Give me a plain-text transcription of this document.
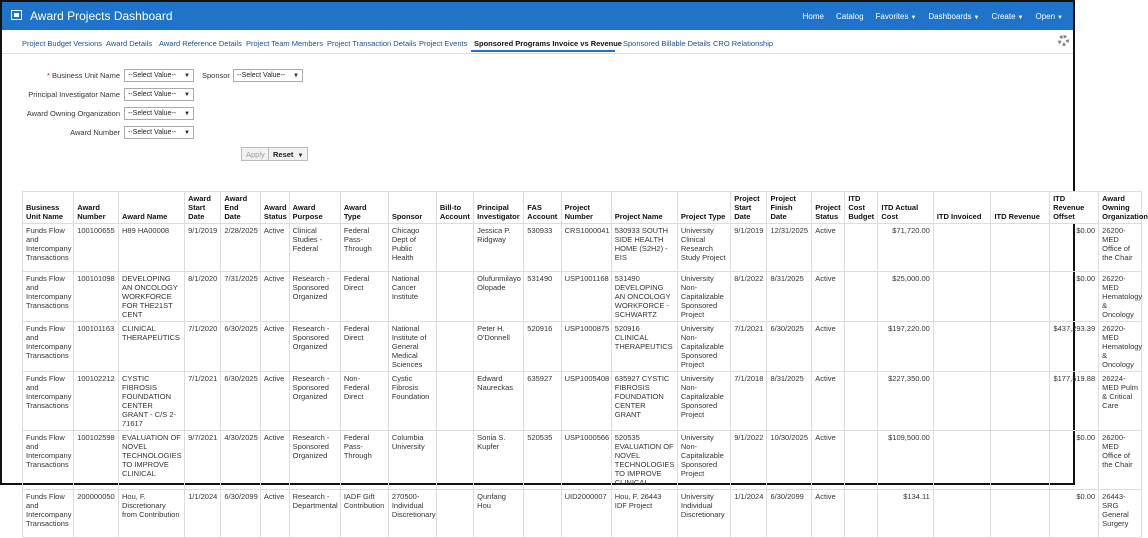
Award Projects Dashboard	Home Catalog Favorites ▼ Dashboards ▼ Create ▼ Open ▼
Project Budget Versions Award Details Award Reference Details Project Team Members Project Transaction Details Project Events Sponsored Programs Invoice vs Revenue Sponsored Billable Details CRO Relationship
* Business Unit Name	--Select Value-- ▼ Sponsor	--Select Value-- ▼
Principal Investigator Name	--Select Value-- ▼
Award Owning Organization	--Select Value-- ▼
Award Number	--Select Value-- ▼
Apply	Reset ▼
Business Unit Name	Award Number	Award Name	Award Start Date	Award End Date	Award Status	Award Purpose	Award Type	Sponsor	Bill-to Account	Principal Investigator	FAS Account	Project Number	Project Name	Project Type	Project Start Date	Project Finish Date	Project Status	ITD Cost Budget	ITD Actual Cost	ITD Invoiced	ITD Revenue	ITD Revenue Offset	Award Owning Organization
Funds Flow and Intercompany Transactions	100100655	H89 HA00008	9/1/2019	2/28/2025	Active	Clinical Studies - Federal	Federal Pass-Through	Chicago Dept of Public Health		Jessica P. Ridgway	530933	CRS1000041	530933 SOUTH SIDE HEALTH HOME (S2H2) - EIS	University Clinical Research Study Project	9/1/2019	12/31/2025	Active		$71,720.00			$0.00	26200-MED Office of the Chair
Funds Flow and Intercompany Transactions	100101098	DEVELOPING AN ONCOLOGY WORKFORCE FOR THE21ST CENT	8/1/2020	7/31/2025	Active	Research - Sponsored Organized	Federal Direct	National Cancer Institute		Olufunmilayo Olopade	531490	USP1001168	531490 DEVELOPING AN ONCOLOGY WORKFORCE - SCHWARTZ	University Non-Capitalizable Sponsored Project	8/1/2022	8/31/2025	Active		$25,000.00			$0.00	26220-MED Hematology & Oncology
Funds Flow and Intercompany Transactions	100101163	CLINICAL THERAPEUTICS	7/1/2020	6/30/2025	Active	Research - Sponsored Organized	Federal Direct	National Institute of General Medical Sciences		Peter H. O'Donnell	520916	USP1000875	520916 CLINICAL THERAPEUTICS	University Non-Capitalizable Sponsored Project	7/1/2021	6/30/2025	Active		$197,220.00			$437,293.39	26220-MED Hematology & Oncology
Funds Flow and Intercompany Transactions	100102212	CYSTIC FIBROSIS FOUNDATION CENTER GRANT - C/S 2-71617	7/1/2021	6/30/2025	Active	Research - Sponsored Organized	Non-Federal Direct	Cystic Fibrosis Foundation		Edward Naureckas	635927	USP1005408	635927 CYSTIC FIBROSIS FOUNDATION CENTER GRANT	University Non-Capitalizable Sponsored Project	7/1/2018	8/31/2025	Active		$227,350.00			$177,519.88	26224-MED Pulm & Critical Care
Funds Flow and Intercompany Transactions	100102598	EVALUATION OF NOVEL TECHNOLOGIES TO IMPROVE CLINICAL	9/7/2021	4/30/2025	Active	Research - Sponsored Organized	Federal Pass-Through	Columbia University		Sonia S. Kupfer	520535	USP1000566	520535 EVALUATION OF NOVEL TECHNOLOGIES TO IMPROVE CLINICAL	University Non-Capitalizable Sponsored Project	9/1/2022	10/30/2025	Active		$109,500.00			$0.00	26200-MED Office of the Chair
Funds Flow and Intercompany Transactions	200000050	Hou, F. Discretionary from Contribution	1/1/2024	6/30/2099	Active	Research - Departmental	IADF Gift Contribution	270500-Individual Discretionary		Qunfang Hou		UID2000007	Hou, F. 26443 IDF Project	University Individual Discretionary	1/1/2024	6/30/2099	Active		$134.11			$0.00	26443-SRG General Surgery
